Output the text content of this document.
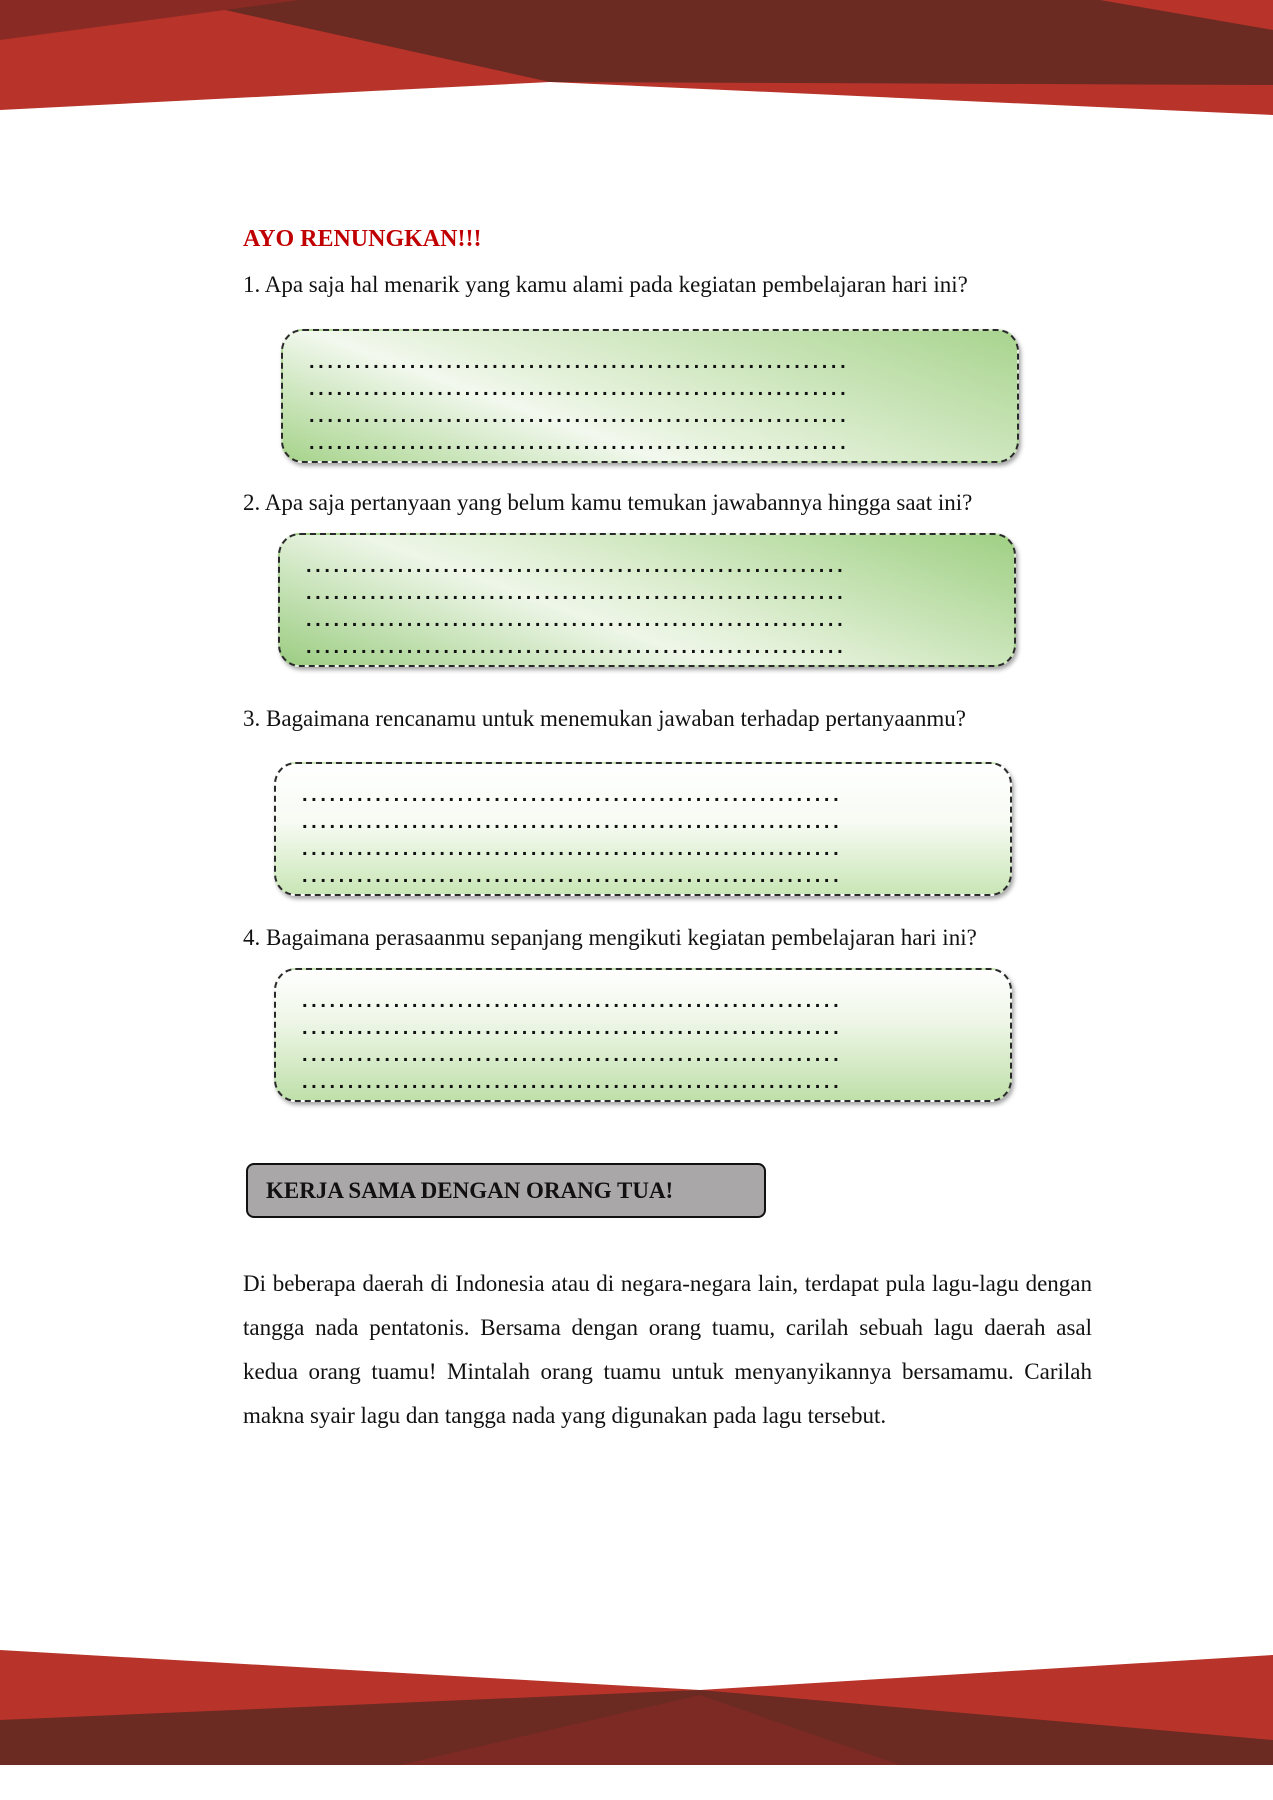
AYO RENUNGKAN!!!
1. Apa saja hal menarik yang kamu alami pada kegiatan pembelajaran hari ini?
...........................................................
...........................................................
...........................................................
...........................................................
2. Apa saja pertanyaan yang belum kamu temukan jawabannya hingga saat ini?
...........................................................
...........................................................
...........................................................
...........................................................
3. Bagaimana rencanamu untuk menemukan jawaban terhadap pertanyaanmu?
...........................................................
...........................................................
...........................................................
...........................................................
4. Bagaimana perasaanmu sepanjang mengikuti kegiatan pembelajaran hari ini?
...........................................................
...........................................................
...........................................................
...........................................................
KERJA SAMA DENGAN ORANG TUA!
Di beberapa daerah di Indonesia atau di negara-negara lain, terdapat pula lagu-lagu dengan tangga nada pentatonis. Bersama dengan orang tuamu, carilah sebuah lagu daerah asal kedua orang tuamu! Mintalah orang tuamu untuk menyanyikannya bersamamu. Carilah makna syair lagu dan tangga nada yang digunakan pada lagu tersebut.
